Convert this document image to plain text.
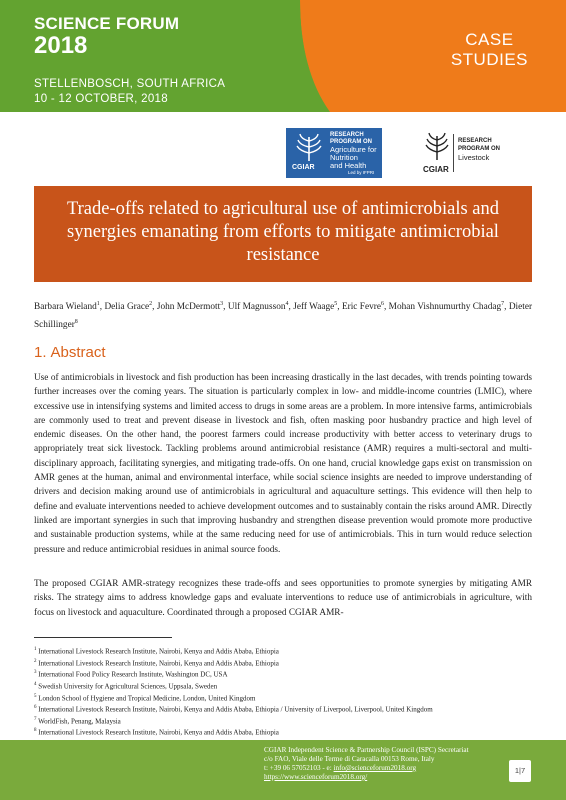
SCIENCE FORUM
2018
STELLENBOSCH, SOUTH AFRICA
10 - 12 OCTOBER, 2018
CASE
STUDIES
RESEARCH
PROGRAM ON
Agriculture for
Nutrition
and Health
CGIAR
Led by IFPRI
RESEARCH
PROGRAM ON
Livestock
CGIAR
Trade-offs related to agricultural use of antimicrobials and synergies emanating from efforts to mitigate antimicrobial resistance
Barbara Wieland$^1$, Delia Grace$^2$, John McDermott$^3$, Ulf Magnusson$^4$, Jeff Waage$^5$, Eric Fevre$^6$, Mohan Vishnumurthy Chadag$^7$, Dieter Schillinger$^8$
1. Abstract

Use of antimicrobials in livestock and fish production has been increasing drastically in the last decades, with trends pointing towards further increases over the coming years. The situation is particularly complex in low- and middle-income countries (LMIC), where excessive use in intensifying systems and limited access to drugs in some areas are a problem. In more intensive farms, antimicrobials are commonly used to treat and prevent disease in livestock and fish, often masking poor husbandry practice and high level of endemic diseases. On the other hand, the poorest farmers could increase productivity with better access to veterinary drugs to appropriately treat sick livestock. Tackling problems around antimicrobial resistance (AMR) requires a multi-sectoral and multi-disciplinary approach, facilitating synergies, and mitigating trade-offs. On one hand, crucial knowledge gaps exist on transmission on AMR genes at the human, animal and environmental interface, while social science insights are needed to improve understanding of drivers and decision making around use of antimicrobials in agricultural and aquaculture settings. This evidence will then help to define and evaluate interventions needed to achieve development outcomes and to sustainably contain the risks around AMR. Directly linked are important synergies in such that improving husbandry and strengthen disease prevention would promote more productive and sustainable production systems, while at the same reducing need for use of antimicrobials. This in turn would reduce selection pressure and reduce antimicrobial residues in animal source foods.

The proposed CGIAR AMR-strategy recognizes these trade-offs and sees opportunities to promote synergies by mitigating AMR risks. The strategy aims to address knowledge gaps and evaluate interventions to reduce use of antimicrobials in agriculture, with focus on livestock and aquaculture. Coordinated through a proposed CGIAR AMR-

$^1$ International Livestock Research Institute, Nairobi, Kenya and Addis Ababa, Ethiopia
$^2$ International Livestock Research Institute, Nairobi, Kenya and Addis Ababa, Ethiopia
$^3$ International Food Policy Research Institute, Washington DC, USA
$^4$ Swedish University for Agricultural Sciences, Uppsala, Sweden
$^5$ London School of Hygiene and Tropical Medicine, London, United Kingdom
$^6$ International Livestock Research Institute, Nairobi, Kenya and Addis Ababa, Ethiopia / University of Liverpool, Liverpool, United Kingdom
$^7$ WorldFish, Penang, Malaysia
$^8$ International Livestock Research Institute, Nairobi, Kenya and Addis Ababa, Ethiopia
CGIAR Independent Science & Partnership Council (ISPC) Secretariat
c/o FAO, Viale delle Terme di Caracalla 00153 Rome, Italy
t: +39 06 57052103 - e: info@scienceforum2018.org
https://www.scienceforum2018.org/
1|7
